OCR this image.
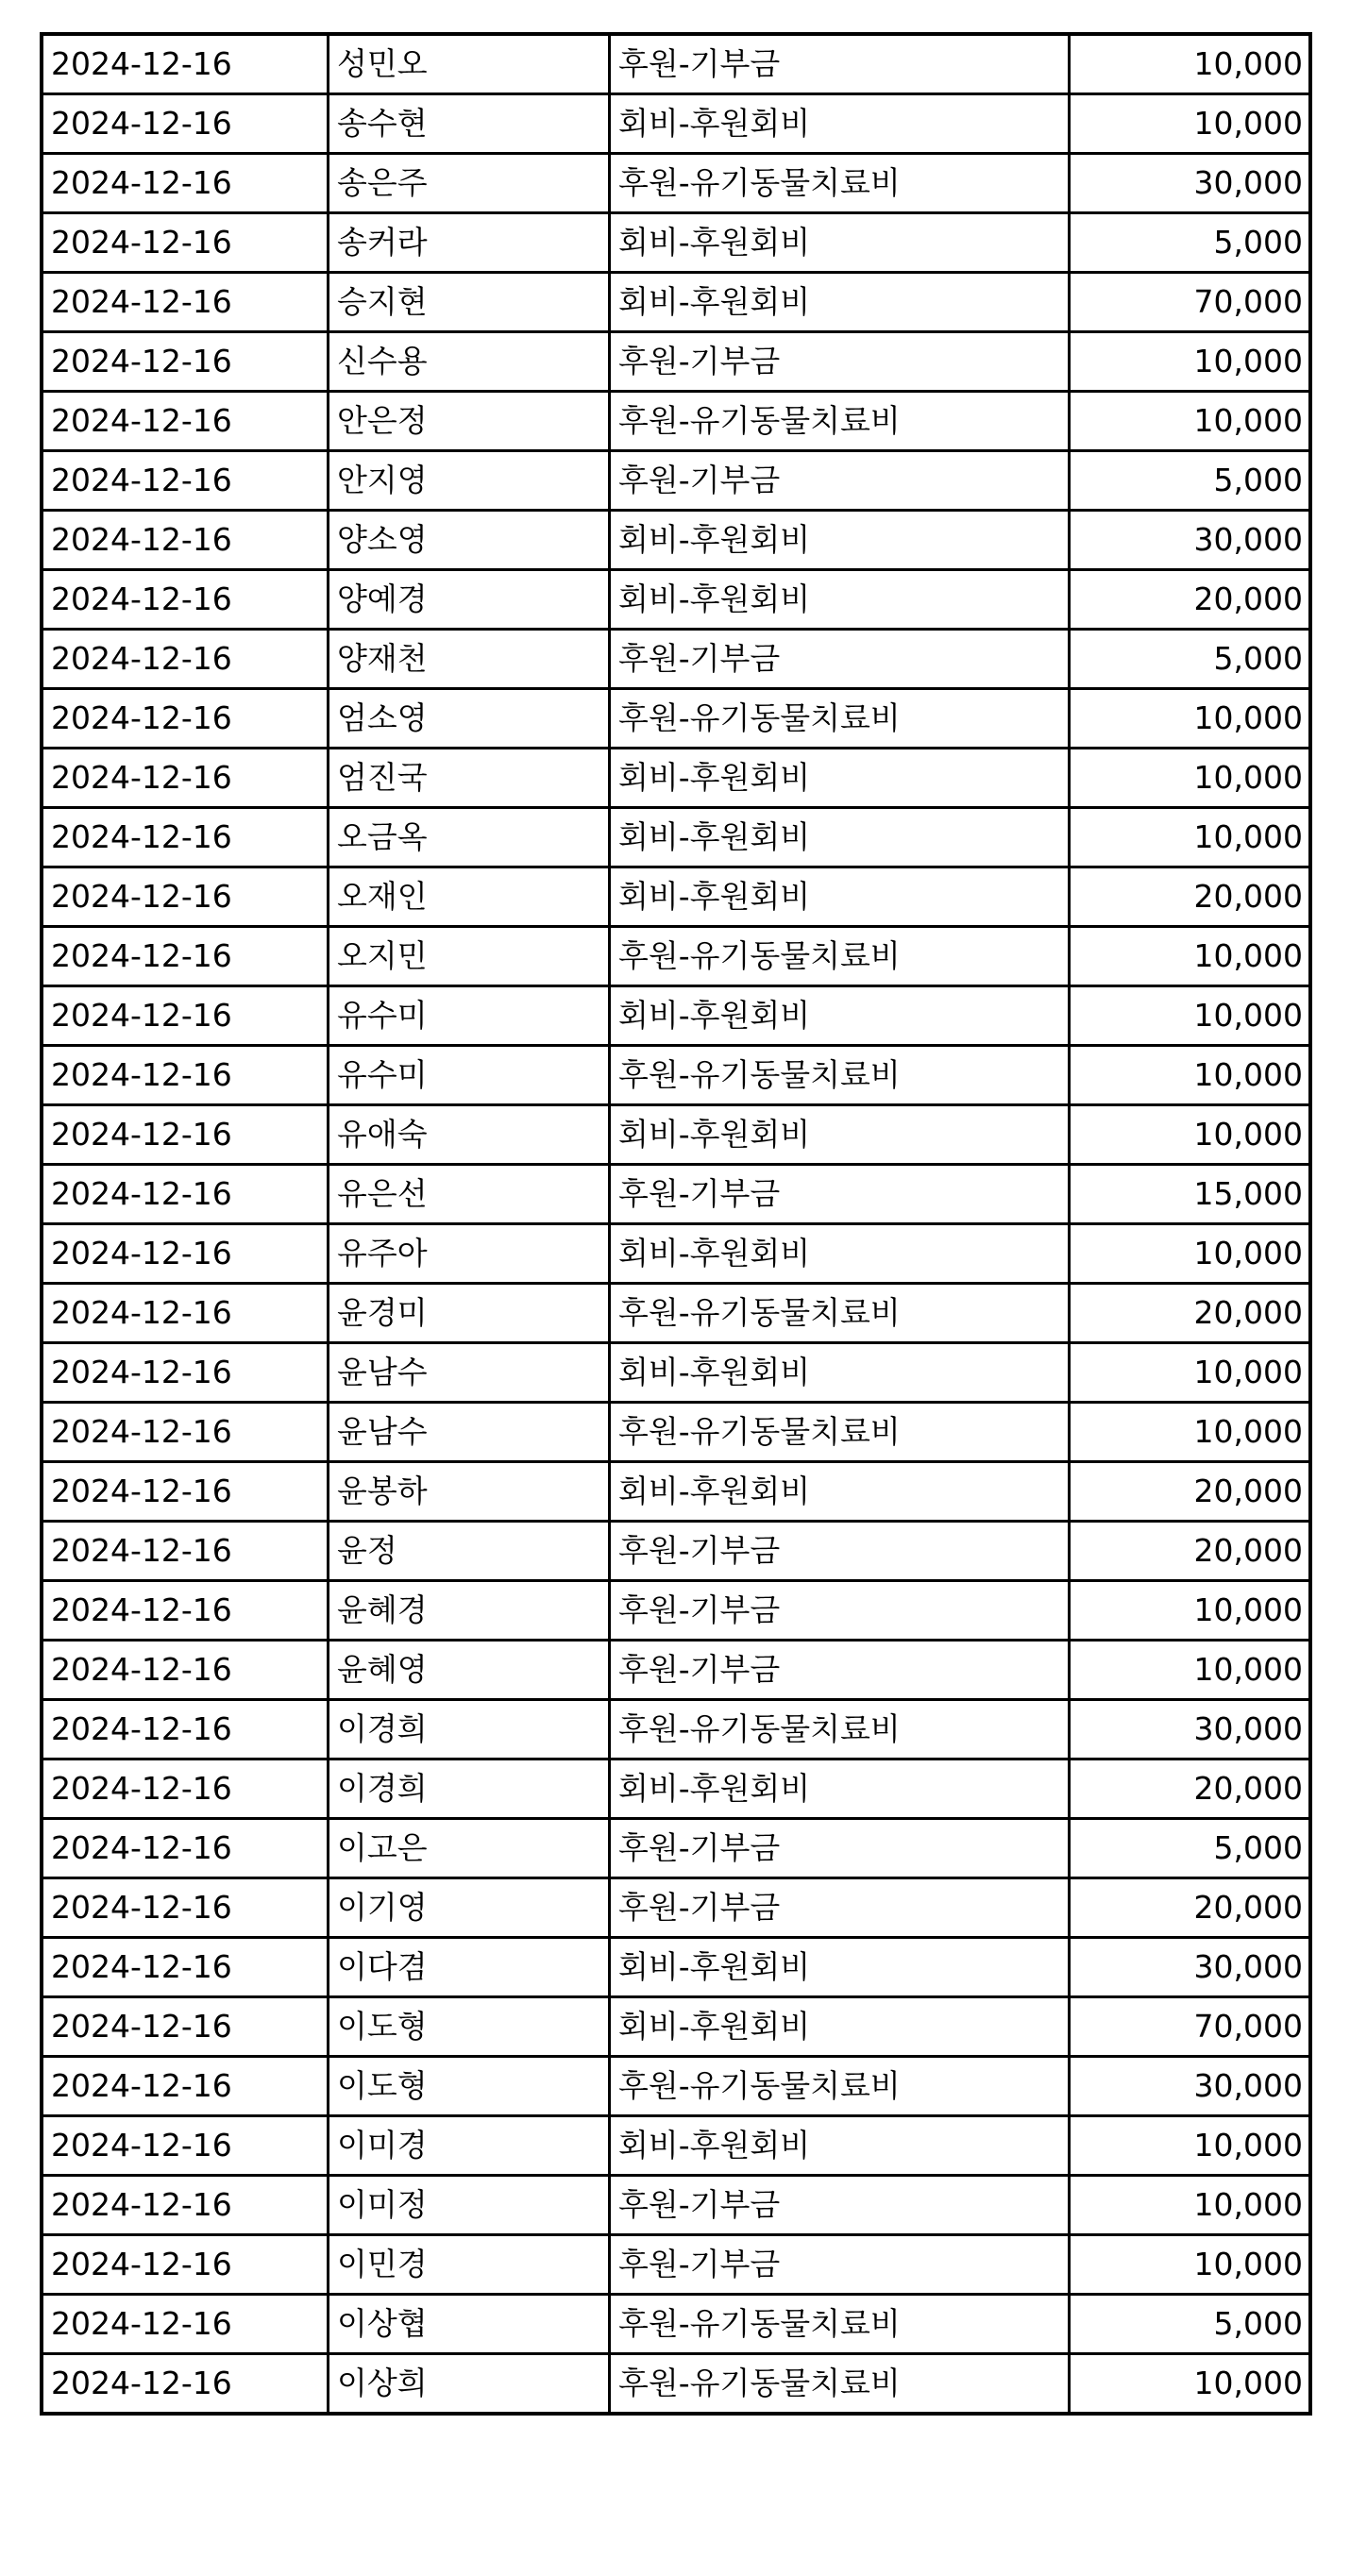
2024-12-16	성민오	후원-기부금	10,000
2024-12-16	송수현	회비-후원회비	10,000
2024-12-16	송은주	후원-유기동물치료비	30,000
2024-12-16	송커라	회비-후원회비	5,000
2024-12-16	승지현	회비-후원회비	70,000
2024-12-16	신수용	후원-기부금	10,000
2024-12-16	안은정	후원-유기동물치료비	10,000
2024-12-16	안지영	후원-기부금	5,000
2024-12-16	양소영	회비-후원회비	30,000
2024-12-16	양예경	회비-후원회비	20,000
2024-12-16	양재천	후원-기부금	5,000
2024-12-16	엄소영	후원-유기동물치료비	10,000
2024-12-16	엄진국	회비-후원회비	10,000
2024-12-16	오금옥	회비-후원회비	10,000
2024-12-16	오재인	회비-후원회비	20,000
2024-12-16	오지민	후원-유기동물치료비	10,000
2024-12-16	유수미	회비-후원회비	10,000
2024-12-16	유수미	후원-유기동물치료비	10,000
2024-12-16	유애숙	회비-후원회비	10,000
2024-12-16	유은선	후원-기부금	15,000
2024-12-16	유주아	회비-후원회비	10,000
2024-12-16	윤경미	후원-유기동물치료비	20,000
2024-12-16	윤남수	회비-후원회비	10,000
2024-12-16	윤남수	후원-유기동물치료비	10,000
2024-12-16	윤봉하	회비-후원회비	20,000
2024-12-16	윤정	후원-기부금	20,000
2024-12-16	윤혜경	후원-기부금	10,000
2024-12-16	윤혜영	후원-기부금	10,000
2024-12-16	이경희	후원-유기동물치료비	30,000
2024-12-16	이경희	회비-후원회비	20,000
2024-12-16	이고은	후원-기부금	5,000
2024-12-16	이기영	후원-기부금	20,000
2024-12-16	이다겸	회비-후원회비	30,000
2024-12-16	이도형	회비-후원회비	70,000
2024-12-16	이도형	후원-유기동물치료비	30,000
2024-12-16	이미경	회비-후원회비	10,000
2024-12-16	이미정	후원-기부금	10,000
2024-12-16	이민경	후원-기부금	10,000
2024-12-16	이상협	후원-유기동물치료비	5,000
2024-12-16	이상희	후원-유기동물치료비	10,000
